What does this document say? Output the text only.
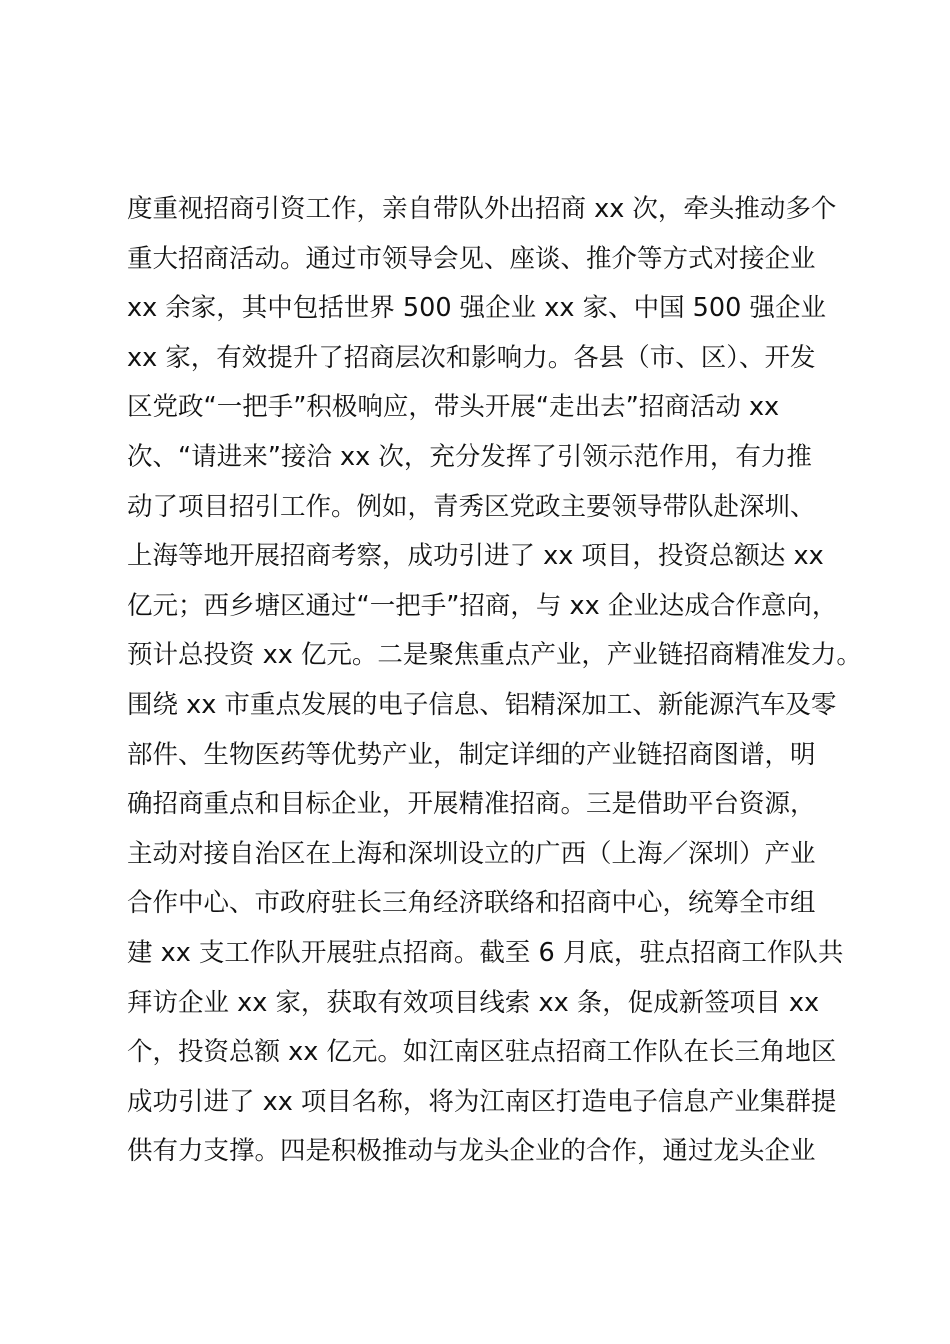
度重视招商引资工作，亲自带队外出招商 xx 次，牵头推动多个
重大招商活动。通过市领导会见、座谈、推介等方式对接企业
xx 余家，其中包括世界 500 强企业 xx 家、中国 500 强企业
xx 家，有效提升了招商层次和影响力。各县（市、区）、开发
区党政“一把手”积极响应，带头开展“走出去”招商活动 xx
次、“请进来”接洽 xx 次，充分发挥了引领示范作用，有力推
动了项目招引工作。例如，青秀区党政主要领导带队赴深圳、
上海等地开展招商考察，成功引进了 xx 项目，投资总额达 xx
亿元；西乡塘区通过“一把手”招商，与 xx 企业达成合作意向，
预计总投资 xx 亿元。二是聚焦重点产业，产业链招商精准发力。
围绕 xx 市重点发展的电子信息、铝精深加工、新能源汽车及零
部件、生物医药等优势产业，制定详细的产业链招商图谱，明
确招商重点和目标企业，开展精准招商。三是借助平台资源，
主动对接自治区在上海和深圳设立的广西（上海／深圳）产业
合作中心、市政府驻长三角经济联络和招商中心，统筹全市组
建 xx 支工作队开展驻点招商。截至 6 月底，驻点招商工作队共
拜访企业 xx 家，获取有效项目线索 xx 条，促成新签项目 xx
个，投资总额 xx 亿元。如江南区驻点招商工作队在长三角地区
成功引进了 xx 项目名称，将为江南区打造电子信息产业集群提
供有力支撑。四是积极推动与龙头企业的合作，通过龙头企业
